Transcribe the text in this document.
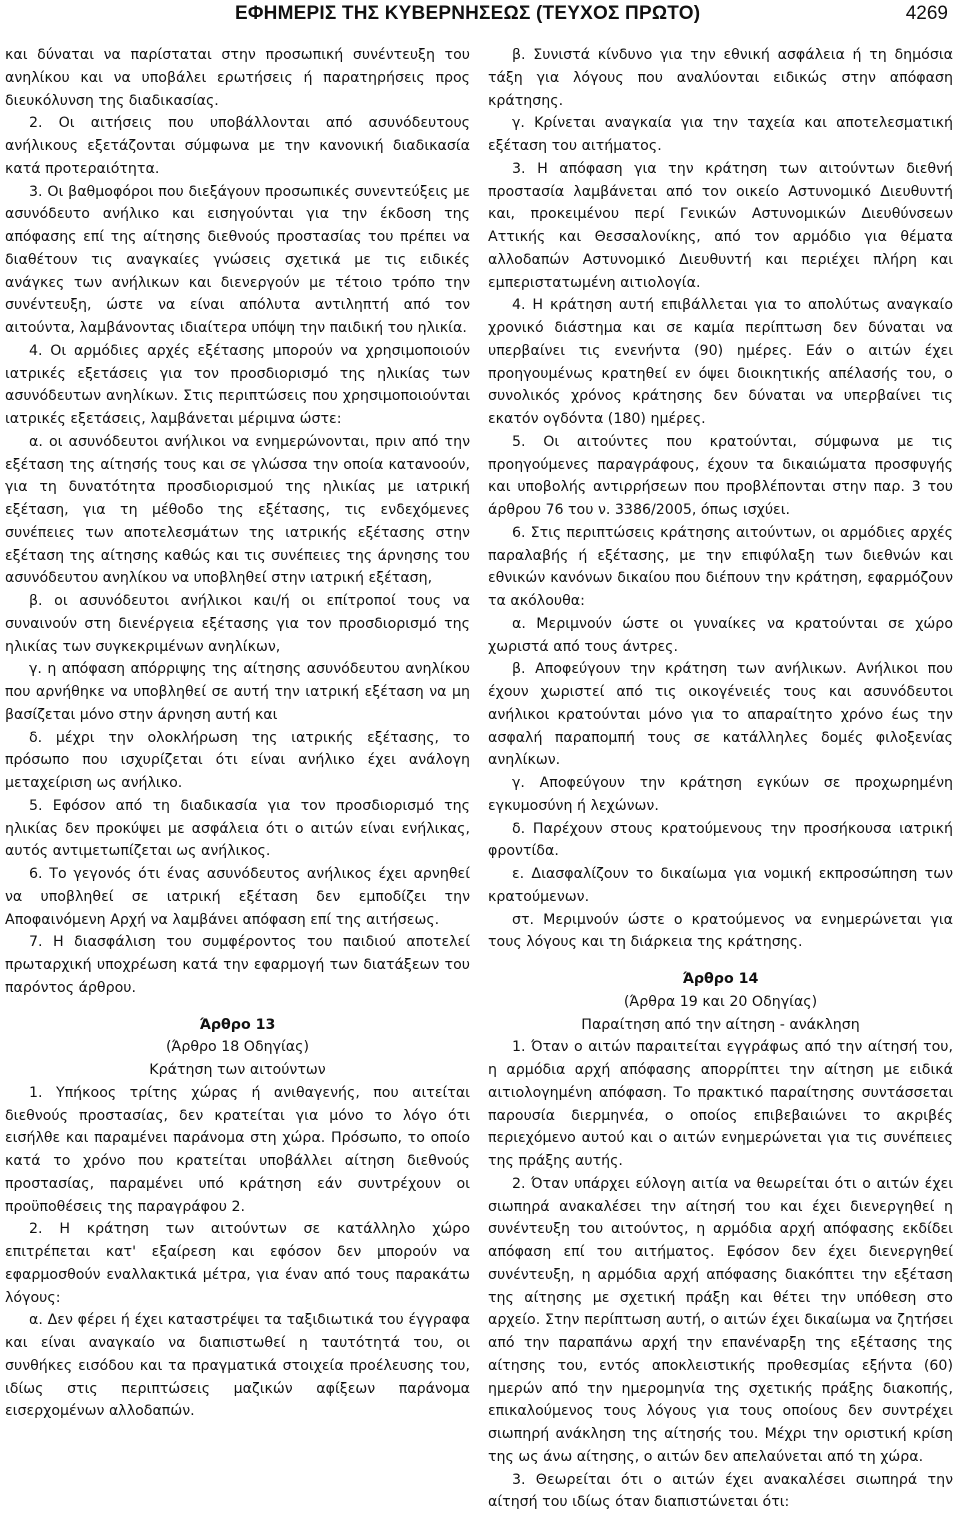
ΕΦΗΜΕΡΙΣ ΤΗΣ ΚΥΒΕΡΝΗΣΕΩΣ (ΤΕΥΧΟΣ ΠΡΩΤΟ)	4269

και δύναται να παρίσταται στην προσωπική συνέντευξη του ανηλίκου και να υποβάλει ερωτήσεις ή παρατηρήσεις προς διευκόλυνση της διαδικασίας.

2. Οι αιτήσεις που υποβάλλονται από ασυνόδευτους ανήλικους εξετάζονται σύμφωνα με την κανονική διαδικασία κατά προτεραιότητα.

3. Οι βαθμοφόροι που διεξάγουν προσωπικές συνεντεύξεις με ασυνόδευτο ανήλικο και εισηγούνται για την έκδοση της απόφασης επί της αίτησης διεθνούς προστασίας του πρέπει να διαθέτουν τις αναγκαίες γνώσεις σχετικά με τις ειδικές ανάγκες των ανήλικων και διενεργούν με τέτοιο τρόπο την συνέντευξη, ώστε να είναι απόλυτα αντιληπτή από τον αιτούντα, λαμβάνοντας ιδιαίτερα υπόψη την παιδική του ηλικία.

4. Οι αρμόδιες αρχές εξέτασης μπορούν να χρησιμοποιούν ιατρικές εξετάσεις για τον προσδιορισμό της ηλικίας των ασυνόδευτων ανηλίκων. Στις περιπτώσεις που χρησιμοποιούνται ιατρικές εξετάσεις, λαμβάνεται μέριμνα ώστε:

α. οι ασυνόδευτοι ανήλικοι να ενημερώνονται, πριν από την εξέταση της αίτησής τους και σε γλώσσα την οποία κατανοούν, για τη δυνατότητα προσδιορισμού της ηλικίας με ιατρική εξέταση, για τη μέθοδο της εξέτασης, τις ενδεχόμενες συνέπειες των αποτελεσμάτων της ιατρικής εξέτασης στην εξέταση της αίτησης καθώς και τις συνέπειες της άρνησης του ασυνόδευτου ανηλίκου να υποβληθεί στην ιατρική εξέταση,

β. οι ασυνόδευτοι ανήλικοι και/ή οι επίτροποί τους να συναινούν στη διενέργεια εξέτασης για τον προσδιορισμό της ηλικίας των συγκεκριμένων ανηλίκων,

γ. η απόφαση απόρριψης της αίτησης ασυνόδευτου ανηλίκου που αρνήθηκε να υποβληθεί σε αυτή την ιατρική εξέταση να μη βασίζεται μόνο στην άρνηση αυτή και

δ. μέχρι την ολοκλήρωση της ιατρικής εξέτασης, το πρόσωπο που ισχυρίζεται ότι είναι ανήλικο έχει ανάλογη μεταχείριση ως ανήλικο.

5. Εφόσον από τη διαδικασία για τον προσδιορισμό της ηλικίας δεν προκύψει με ασφάλεια ότι ο αιτών είναι ενήλικας, αυτός αντιμετωπίζεται ως ανήλικος.

6. Το γεγονός ότι ένας ασυνόδευτος ανήλικος έχει αρνηθεί να υποβληθεί σε ιατρική εξέταση δεν εμποδίζει την Αποφαινόμενη Αρχή να λαμβάνει απόφαση επί της αιτήσεως.

7. Η διασφάλιση του συμφέροντος του παιδιού αποτελεί πρωταρχική υποχρέωση κατά την εφαρμογή των διατάξεων του παρόντος άρθρου.

Άρθρο 13

(Άρθρο 18 Οδηγίας)

Κράτηση των αιτούντων

1. Υπήκοος τρίτης χώρας ή ανιθαγενής, που αιτείται διεθνούς προστασίας, δεν κρατείται για μόνο το λόγο ότι εισήλθε και παραμένει παράνομα στη χώρα. Πρόσωπο, το οποίο κατά το χρόνο που κρατείται υποβάλλει αίτηση διεθνούς προστασίας, παραμένει υπό κράτηση εάν συντρέχουν οι προϋποθέσεις της παραγράφου 2.

2. Η κράτηση των αιτούντων σε κατάλληλο χώρο επιτρέπεται κατ' εξαίρεση και εφόσον δεν μπορούν να εφαρμοσθούν εναλλακτικά μέτρα, για έναν από τους παρακάτω λόγους:

α. Δεν φέρει ή έχει καταστρέψει τα ταξιδιωτικά του έγγραφα και είναι αναγκαίο να διαπιστωθεί η ταυτότητά του, οι συνθήκες εισόδου και τα πραγματικά στοιχεία προέλευσης του, ιδίως στις περιπτώσεις μαζικών αφίξεων παράνομα εισερχομένων αλλοδαπών.

β. Συνιστά κίνδυνο για την εθνική ασφάλεια ή τη δημόσια τάξη για λόγους που αναλύονται ειδικώς στην απόφαση κράτησης.

γ. Κρίνεται αναγκαία για την ταχεία και αποτελεσματική εξέταση του αιτήματος.

3. Η απόφαση για την κράτηση των αιτούντων διεθνή προστασία λαμβάνεται από τον οικείο Αστυνομικό Διευθυντή και, προκειμένου περί Γενικών Αστυνομικών Διευθύνσεων Αττικής και Θεσσαλονίκης, από τον αρμόδιο για θέματα αλλοδαπών Αστυνομικό Διευθυντή και περιέχει πλήρη και εμπεριστατωμένη αιτιολογία.

4. Η κράτηση αυτή επιβάλλεται για το απολύτως αναγκαίο χρονικό διάστημα και σε καμία περίπτωση δεν δύναται να υπερβαίνει τις ενενήντα (90) ημέρες. Εάν ο αιτών έχει προηγουμένως κρατηθεί εν όψει διοικητικής απέλασής του, ο συνολικός χρόνος κράτησης δεν δύναται να υπερβαίνει τις εκατόν ογδόντα (180) ημέρες.

5. Οι αιτούντες που κρατούνται, σύμφωνα με τις προηγούμενες παραγράφους, έχουν τα δικαιώματα προσφυγής και υποβολής αντιρρήσεων που προβλέπονται στην παρ. 3 του άρθρου 76 του ν. 3386/2005, όπως ισχύει.

6. Στις περιπτώσεις κράτησης αιτούντων, οι αρμόδιες αρχές παραλαβής ή εξέτασης, με την επιφύλαξη των διεθνών και εθνικών κανόνων δικαίου που διέπουν την κράτηση, εφαρμόζουν τα ακόλουθα:

α. Μεριμνούν ώστε οι γυναίκες να κρατούνται σε χώρο χωριστά από τους άντρες.

β. Αποφεύγουν την κράτηση των ανήλικων. Ανήλικοι που έχουν χωριστεί από τις οικογένειές τους και ασυνόδευτοι ανήλικοι κρατούνται μόνο για το απαραίτητο χρόνο έως την ασφαλή παραπομπή τους σε κατάλληλες δομές φιλοξενίας ανηλίκων.

γ. Αποφεύγουν την κράτηση εγκύων σε προχωρημένη εγκυμοσύνη ή λεχώνων.

δ. Παρέχουν στους κρατούμενους την προσήκουσα ιατρική φροντίδα.

ε. Διασφαλίζουν το δικαίωμα για νομική εκπροσώπηση των κρατούμενων.

στ. Μεριμνούν ώστε ο κρατούμενος να ενημερώνεται για τους λόγους και τη διάρκεια της κράτησης.

Άρθρο 14

(Άρθρα 19 και 20 Οδηγίας)

Παραίτηση από την αίτηση - ανάκληση

1. Όταν ο αιτών παραιτείται εγγράφως από την αίτησή του, η αρμόδια αρχή απόφασης απορρίπτει την αίτηση με ειδικά αιτιολογημένη απόφαση. Το πρακτικό παραίτησης συντάσσεται παρουσία διερμηνέα, ο οποίος επιβεβαιώνει το ακριβές περιεχόμενο αυτού και ο αιτών ενημερώνεται για τις συνέπειες της πράξης αυτής.

2. Όταν υπάρχει εύλογη αιτία να θεωρείται ότι ο αιτών έχει σιωπηρά ανακαλέσει την αίτησή του και έχει διενεργηθεί η συνέντευξη του αιτούντος, η αρμόδια αρχή απόφασης εκδίδει απόφαση επί του αιτήματος. Εφόσον δεν έχει διενεργηθεί συνέντευξη, η αρμόδια αρχή απόφασης διακόπτει την εξέταση της αίτησης με σχετική πράξη και θέτει την υπόθεση στο αρχείο. Στην περίπτωση αυτή, ο αιτών έχει δικαίωμα να ζητήσει από την παραπάνω αρχή την επανέναρξη της εξέτασης της αίτησης του, εντός αποκλειστικής προθεσμίας εξήντα (60) ημερών από την ημερομηνία της σχετικής πράξης διακοπής, επικαλούμενος τους λόγους για τους οποίους δεν συντρέχει σιωπηρή ανάκληση της αίτησής του. Μέχρι την οριστική κρίση της ως άνω αίτησης, ο αιτών δεν απελαύνεται από τη χώρα.

3. Θεωρείται ότι ο αιτών έχει ανακαλέσει σιωπηρά την αίτησή του ιδίως όταν διαπιστώνεται ότι:
